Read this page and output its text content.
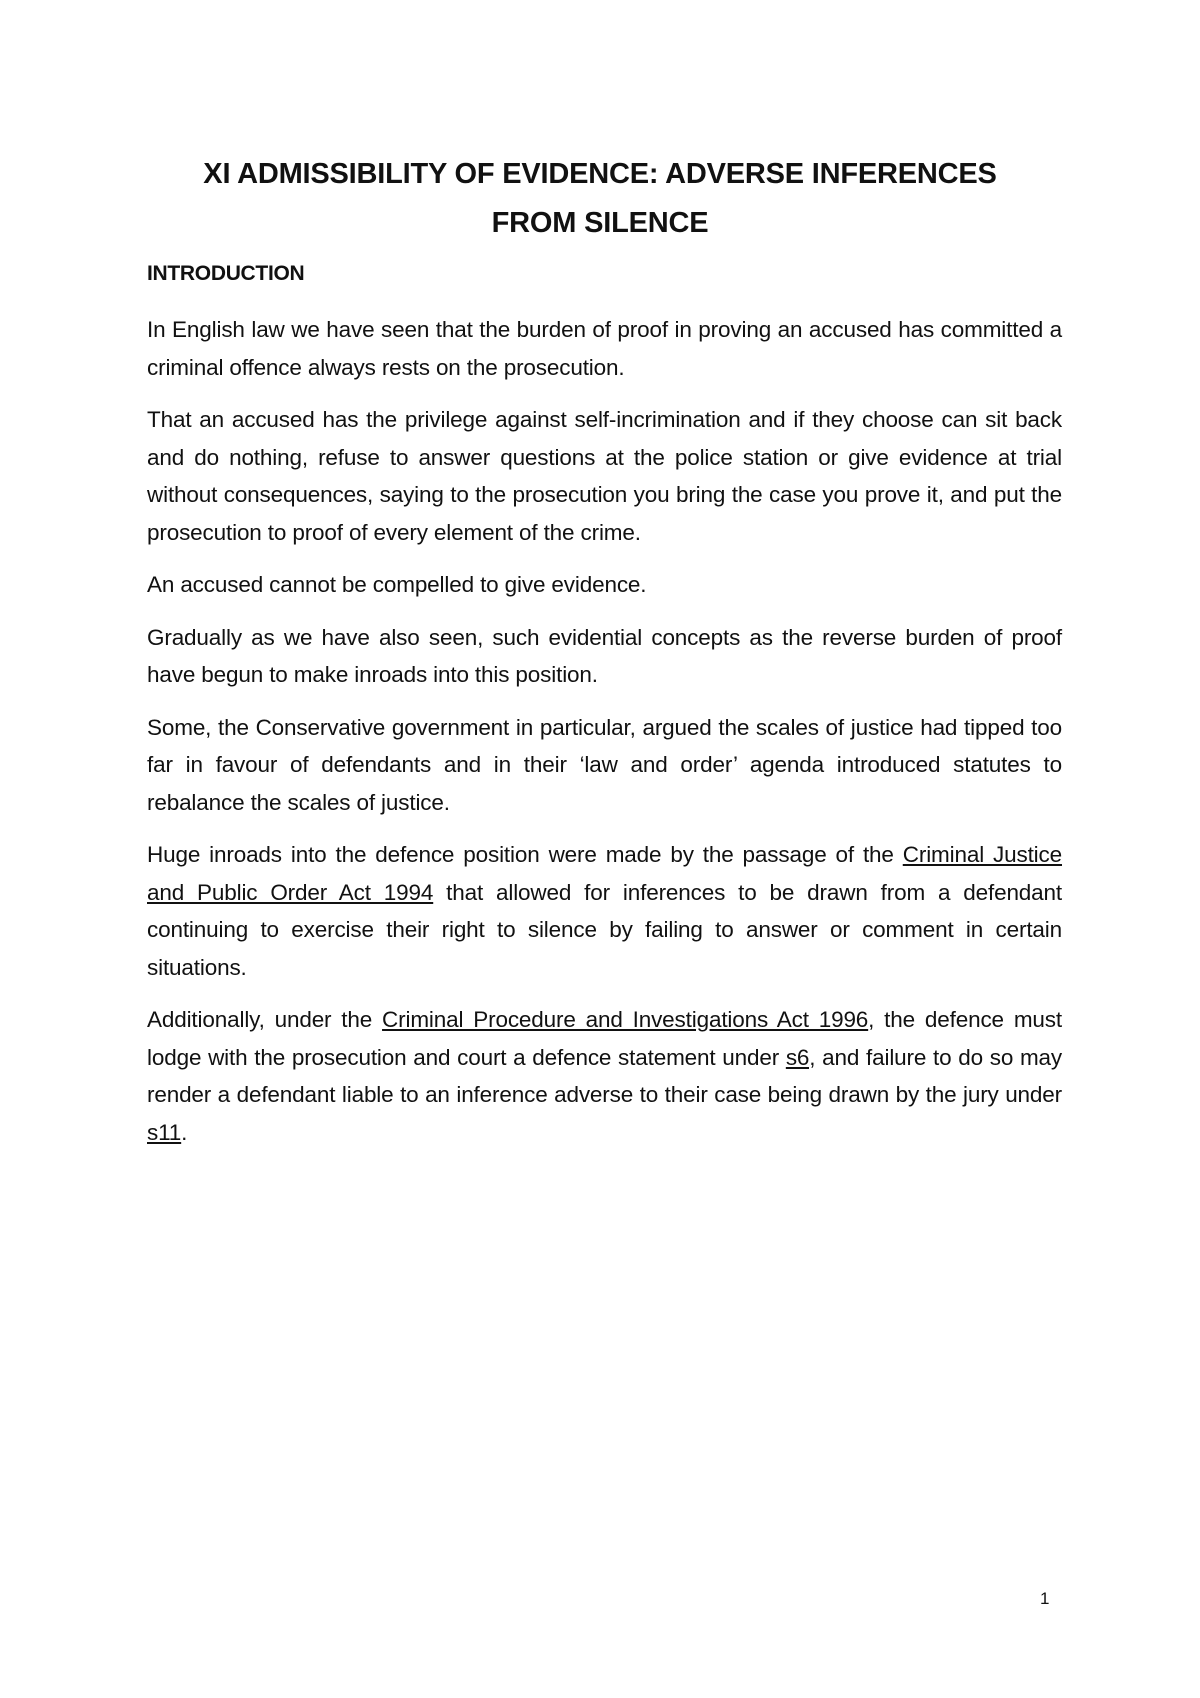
XI ADMISSIBILITY OF EVIDENCE: ADVERSE INFERENCES
FROM SILENCE
INTRODUCTION

In English law we have seen that the burden of proof in proving an accused has committed a criminal offence always rests on the prosecution.

That an accused has the privilege against self-incrimination and if they choose can sit back and do nothing, refuse to answer questions at the police station or give evidence at trial without consequences, saying to the prosecution you bring the case you prove it, and put the prosecution to proof of every element of the crime.

An accused cannot be compelled to give evidence.

Gradually as we have also seen, such evidential concepts as the reverse burden of proof have begun to make inroads into this position.

Some, the Conservative government in particular, argued the scales of justice had tipped too far in favour of defendants and in their ‘law and order’ agenda introduced statutes to rebalance the scales of justice.

Huge inroads into the defence position were made by the passage of the Criminal Justice and Public Order Act 1994 that allowed for inferences to be drawn from a defendant continuing to exercise their right to silence by failing to answer or comment in certain situations.

Additionally, under the Criminal Procedure and Investigations Act 1996, the defence must lodge with the prosecution and court a defence statement under s6, and failure to do so may render a defendant liable to an inference adverse to their case being drawn by the jury under s11.

1
